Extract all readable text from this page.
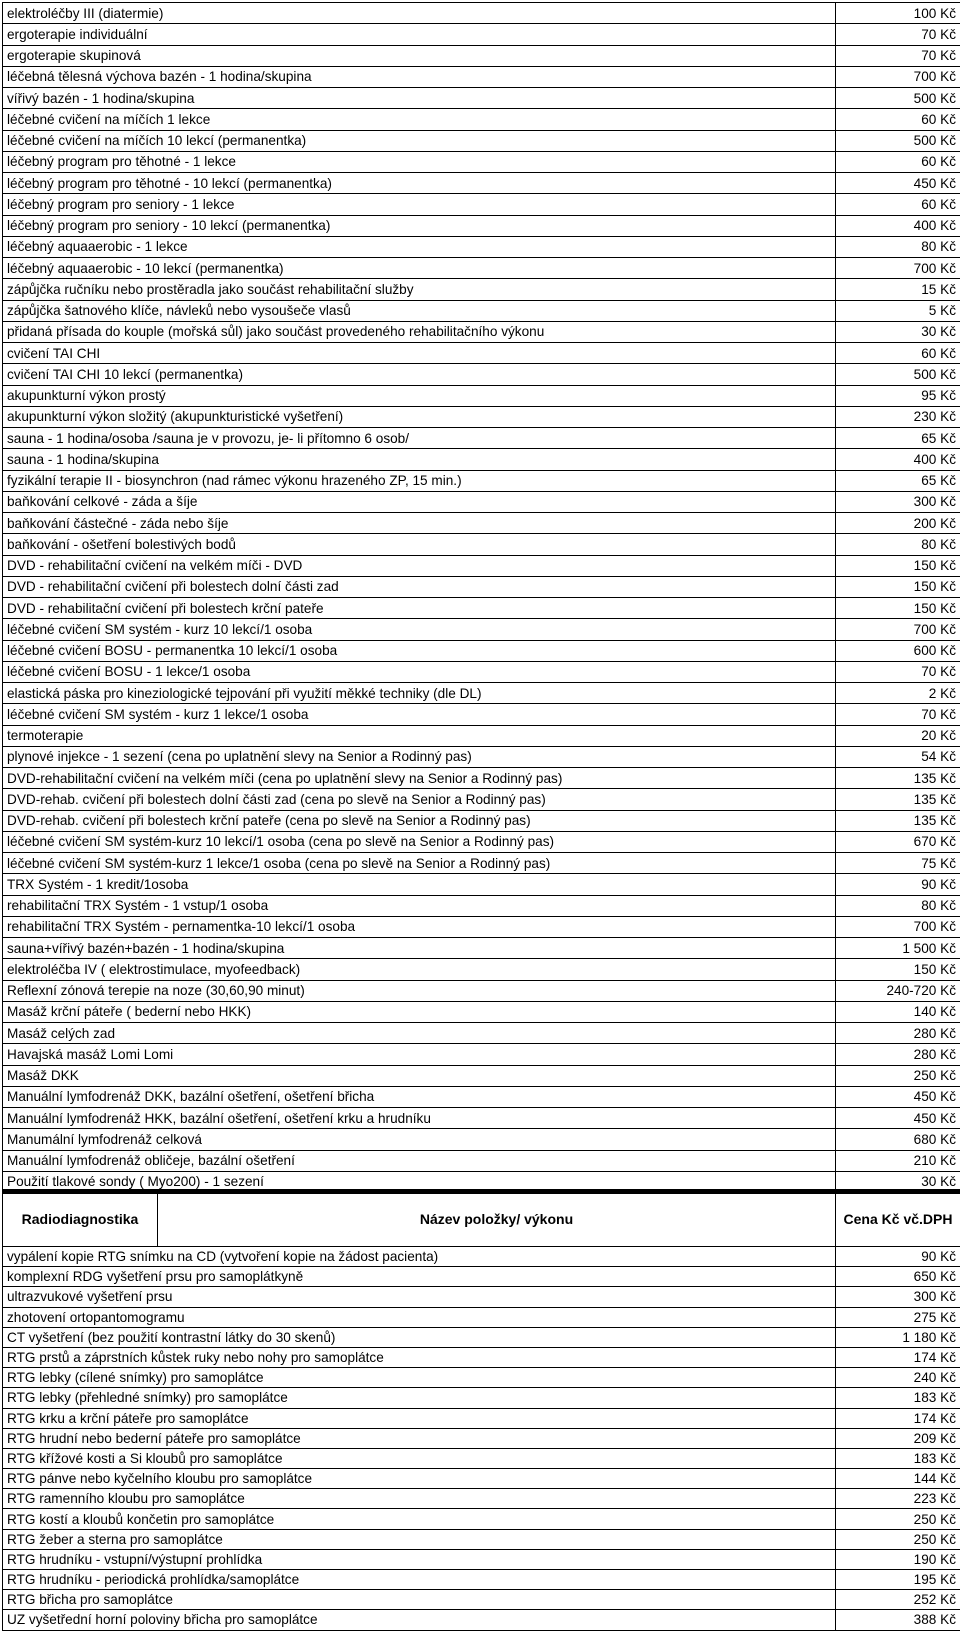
elektroléčby III (diatermie)	100 Kč
ergoterapie individuální	70 Kč
ergoterapie skupinová	70 Kč
léčebná tělesná výchova bazén - 1 hodina/skupina	700 Kč
vířivý bazén - 1 hodina/skupina	500 Kč
léčebné cvičení na míčích 1 lekce	60 Kč
léčebné cvičení na míčích 10 lekcí (permanentka)	500 Kč
léčebný program pro těhotné - 1 lekce	60 Kč
léčebný program pro těhotné - 10 lekcí (permanentka)	450 Kč
léčebný program pro seniory - 1 lekce	60 Kč
léčebný program pro seniory - 10 lekcí (permanentka)	400 Kč
léčebný aquaaerobic - 1 lekce	80 Kč
léčebný aquaaerobic - 10 lekcí (permanentka)	700 Kč
zápůjčka ručníku nebo prostěradla jako součást rehabilitační služby	15 Kč
zápůjčka šatnového klíče, návleků nebo vysoušeče vlasů	5 Kč
přidaná přísada do kouple (mořská sůl) jako součást provedeného rehabilitačního výkonu	30 Kč
cvičení TAI CHI	60 Kč
cvičení TAI CHI 10 lekcí (permanentka)	500 Kč
akupunkturní výkon prostý	95 Kč
akupunkturní výkon složitý (akupunkturistické vyšetření)	230 Kč
sauna - 1 hodina/osoba /sauna je v provozu, je- li přítomno 6 osob/	65 Kč
sauna - 1 hodina/skupina	400 Kč
fyzikální terapie II - biosynchron (nad rámec výkonu hrazeného ZP, 15 min.)	65 Kč
baňkování celkové - záda a šíje	300 Kč
baňkování částečné - záda nebo šíje	200 Kč
baňkování - ošetření bolestivých bodů	80 Kč
DVD - rehabilitační cvičení na velkém míči - DVD	150 Kč
DVD - rehabilitační cvičení při bolestech dolní části zad	150 Kč
DVD - rehabilitační cvičení při bolestech krční pateře	150 Kč
léčebné cvičení SM systém - kurz 10 lekcí/1 osoba	700 Kč
léčebné cvičení BOSU - permanentka 10 lekcí/1 osoba	600 Kč
léčebné cvičení BOSU - 1 lekce/1 osoba	70 Kč
elastická páska pro kineziologické tejpování při využití měkké techniky (dle DL)	2 Kč
léčebné cvičení SM systém - kurz 1 lekce/1 osoba	70 Kč
termoterapie	20 Kč
plynové injekce - 1 sezení (cena po uplatnění slevy na Senior a Rodinný pas)	54 Kč
DVD-rehabilitační cvičení na velkém míči (cena po uplatnění slevy na Senior a Rodinný pas)	135 Kč
DVD-rehab. cvičení při bolestech dolní části zad (cena po slevě na Senior a Rodinný pas)	135 Kč
DVD-rehab. cvičení při bolestech krční pateře (cena po slevě na Senior a Rodinný pas)	135 Kč
léčebné cvičení SM systém-kurz 10 lekcí/1 osoba (cena po slevě na Senior a Rodinný pas)	670 Kč
léčebné cvičení SM systém-kurz 1 lekce/1 osoba (cena po slevě na Senior a Rodinný pas)	75 Kč
TRX Systém - 1 kredit/1osoba	90 Kč
rehabilitační TRX Systém - 1 vstup/1 osoba	80 Kč
rehabilitační TRX Systém - pernamentka-10 lekcí/1 osoba	700 Kč
sauna+vířivý bazén+bazén - 1 hodina/skupina	1 500 Kč
elektroléčba IV ( elektrostimulace, myofeedback)	150 Kč
Reflexní zónová terepie na noze (30,60,90 minut)	240-720 Kč
Masáž krční páteře ( bederní nebo HKK)	140 Kč
Masáž celých zad	280 Kč
Havajská masáž Lomi Lomi	280 Kč
Masáž DKK	250 Kč
Manuální lymfodrenáž DKK, bazální ošetření, ošetření břicha	450 Kč
Manuální lymfodrenáž HKK, bazální ošetření, ošetření krku a hrudníku	450 Kč
Manumální lymfodrenáž celková	680 Kč
Manuální lymfodrenáž obličeje, bazální ošetření	210 Kč
Použití tlakové sondy ( Myo200) - 1 sezení	30 Kč
Radiodiagnostika	Název položky/ výkonu	Cena Kč vč.DPH
vypálení kopie RTG snímku na CD (vytvoření kopie na žádost pacienta)		90 Kč
komplexní RDG vyšetření prsu pro samoplátkyně		650 Kč
ultrazvukové vyšetření prsu		300 Kč
zhotovení ortopantomogramu		275 Kč
CT vyšetření (bez použití kontrastní látky do 30 skenů)		1 180 Kč
RTG prstů a záprstních kůstek ruky nebo nohy pro samoplátce		174 Kč
RTG lebky (cílené snímky) pro samoplátce		240 Kč
RTG lebky (přehledné snímky) pro samoplátce		183 Kč
RTG krku a krční páteře pro samoplátce		174 Kč
RTG hrudní nebo bederní páteře pro samoplátce		209 Kč
RTG křížové kosti a Si kloubů pro samoplátce		183 Kč
RTG pánve nebo kyčelního kloubu pro samoplátce		144 Kč
RTG ramenního kloubu pro samoplátce		223 Kč
RTG kostí a kloubů končetin pro samoplátce		250 Kč
RTG žeber a sterna pro samoplátce		250 Kč
RTG hrudníku - vstupní/výstupní prohlídka		190 Kč
RTG hrudníku - periodická prohlídka/samoplátce		195 Kč
RTG břicha pro samoplátce		252 Kč
UZ vyšetřední horní poloviny břicha pro samoplátce		388 Kč
